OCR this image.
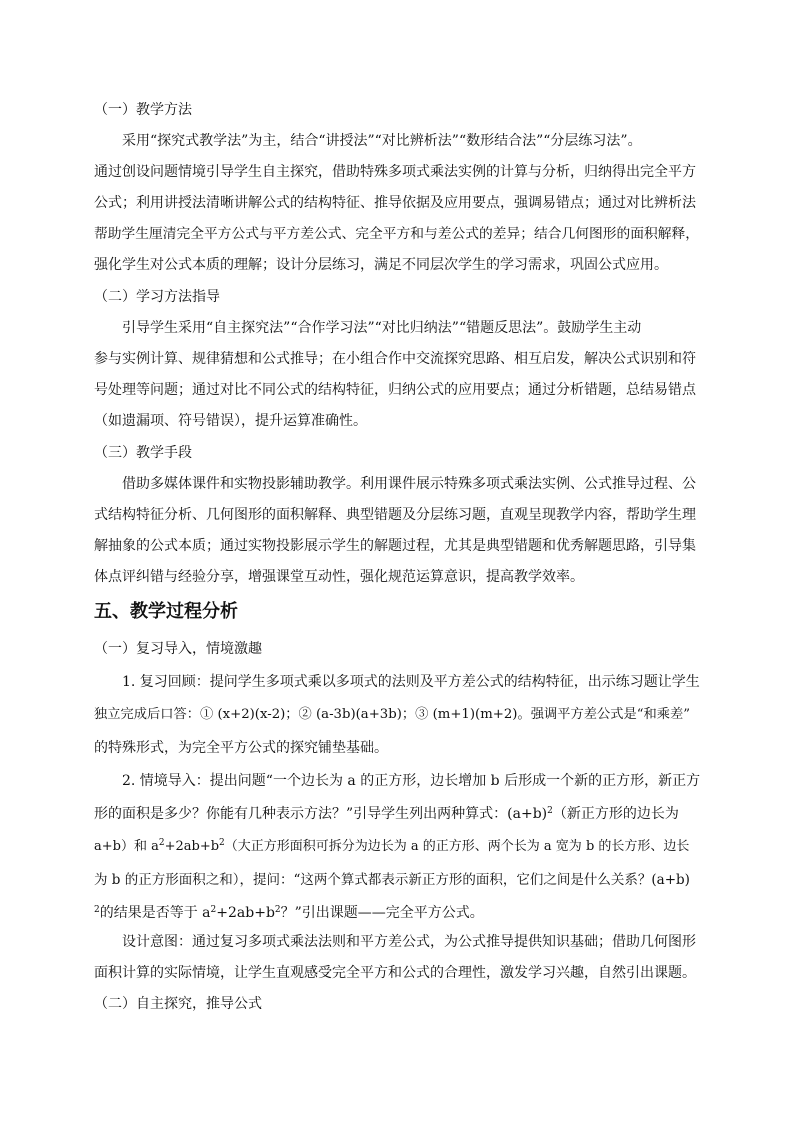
（一）教学方法
采用“探究式教学法”为主，结合“讲授法”“对比辨析法”“数形结合法”“分层练习法”。
通过创设问题情境引导学生自主探究，借助特殊多项式乘法实例的计算与分析，归纳得出完全平方
公式；利用讲授法清晰讲解公式的结构特征、推导依据及应用要点，强调易错点；通过对比辨析法
帮助学生厘清完全平方公式与平方差公式、完全平方和与差公式的差异；结合几何图形的面积解释，
强化学生对公式本质的理解；设计分层练习，满足不同层次学生的学习需求，巩固公式应用。
（二）学习方法指导
引导学生采用“自主探究法”“合作学习法”“对比归纳法”“错题反思法”。鼓励学生主动
参与实例计算、规律猜想和公式推导；在小组合作中交流探究思路、相互启发，解决公式识别和符
号处理等问题；通过对比不同公式的结构特征，归纳公式的应用要点；通过分析错题，总结易错点
（如遗漏项、符号错误），提升运算准确性。
（三）教学手段
借助多媒体课件和实物投影辅助教学。利用课件展示特殊多项式乘法实例、公式推导过程、公
式结构特征分析、几何图形的面积解释、典型错题及分层练习题，直观呈现教学内容，帮助学生理
解抽象的公式本质；通过实物投影展示学生的解题过程，尤其是典型错题和优秀解题思路，引导集
体点评纠错与经验分享，增强课堂互动性，强化规范运算意识，提高教学效率。
五、教学过程分析
（一）复习导入，情境激趣
1. 复习回顾：提问学生多项式乘以多项式的法则及平方差公式的结构特征，出示练习题让学生
独立完成后口答：① (x+2)(x-2)；② (a-3b)(a+3b)；③ (m+1)(m+2)。强调平方差公式是“和乘差”
的特殊形式，为完全平方公式的探究铺垫基础。
2. 情境导入：提出问题“一个边长为 a 的正方形，边长增加 b 后形成一个新的正方形，新正方
形的面积是多少？你能有几种表示方法？”引导学生列出两种算式：$(a+b)^2$（新正方形的边长为
a+b）和 $a^2+2ab+b^2$（大正方形面积可拆分为边长为 a 的正方形、两个长为 a 宽为 b 的长方形、边长
为 b 的正方形面积之和），提问：“这两个算式都表示新正方形的面积，它们之间是什么关系？(a+b)
$^2$的结果是否等于 $a^2+2ab+b^2$？”引出课题——完全平方公式。
设计意图：通过复习多项式乘法法则和平方差公式，为公式推导提供知识基础；借助几何图形
面积计算的实际情境，让学生直观感受完全平方和公式的合理性，激发学习兴趣，自然引出课题。
（二）自主探究，推导公式
